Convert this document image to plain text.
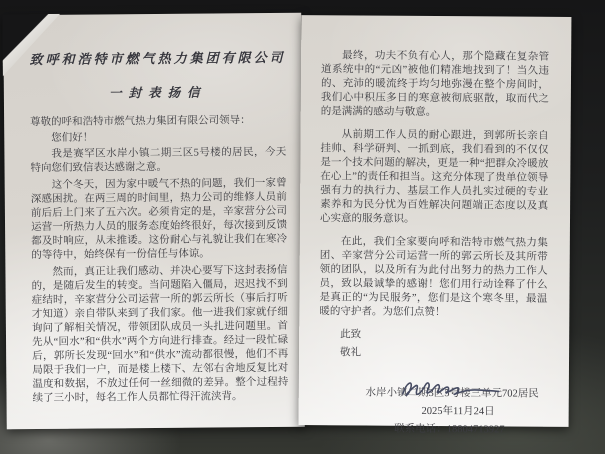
致呼和浩特市燃气热力集团有限公司
一封表扬信

尊敬的呼和浩特市燃气热力集团有限公司领导：

您们好！

我是赛罕区水岸小镇二期三区5号楼的居民，今天特向您们致信表达感谢之意。

这个冬天，因为家中暖气不热的问题，我们一家曾深感困扰。在两三周的时间里，热力公司的维修人员前前后后上门来了五六次。必须肯定的是，辛家营分公司运营一所热力人员的服务态度始终很好，每次接到反馈都及时响应，从未推诿。这份耐心与礼貌让我们在寒冷的等待中，始终保有一份信任与体谅。

然而，真正让我们感动、并决心要写下这封表扬信的，是随后发生的转变。当问题陷入僵局，迟迟找不到症结时，辛家营分公司运营一所的郭云所长（事后打听才知道）亲自带队来到了我们家。他一进我们家就仔细询问了解相关情况，带领团队成员一头扎进问题里。首先从“回水”和“供水”两个方向进行排查。经过一段忙碌后，郭所长发现“回水”和“供水”流动都很慢，他们不再局限于我们一户，而是楼上楼下、左邻右舍地反复比对温度和数据，不放过任何一丝细微的差异。整个过程持续了三小时，每名工作人员都忙得汗流浃背。

最终，功夫不负有心人，那个隐藏在复杂管道系统中的“元凶”被他们精准地找到了！当久违的、充沛的暖流终于均匀地弥漫在整个房间时，我们心中积压多日的寒意被彻底驱散，取而代之的是满满的感动与敬意。

从前期工作人员的耐心跟进，到郭所长亲自挂帅、科学研判、一抓到底，我们看到的不仅仅是一个技术问题的解决，更是一种“把群众冷暖放在心上”的责任和担当。这充分体现了贵单位领导强有力的执行力、基层工作人员扎实过硬的专业素养和为民分忧为百姓解决问题端正态度以及真心实意的服务意识。

在此，我们全家要向呼和浩特市燃气热力集团、辛家营分公司运营一所的郭云所长及其所带领的团队，以及所有为此付出努力的热力工作人员，致以最诚挚的感谢！您们用行动诠释了什么是真正的“为民服务”，您们是这个寒冬里，最温暖的守护者。为您们点赞！

此致

敬礼

水岸小镇二期3区5号楼三单元702居民
2025年11月24日
联系电话：18804713927
